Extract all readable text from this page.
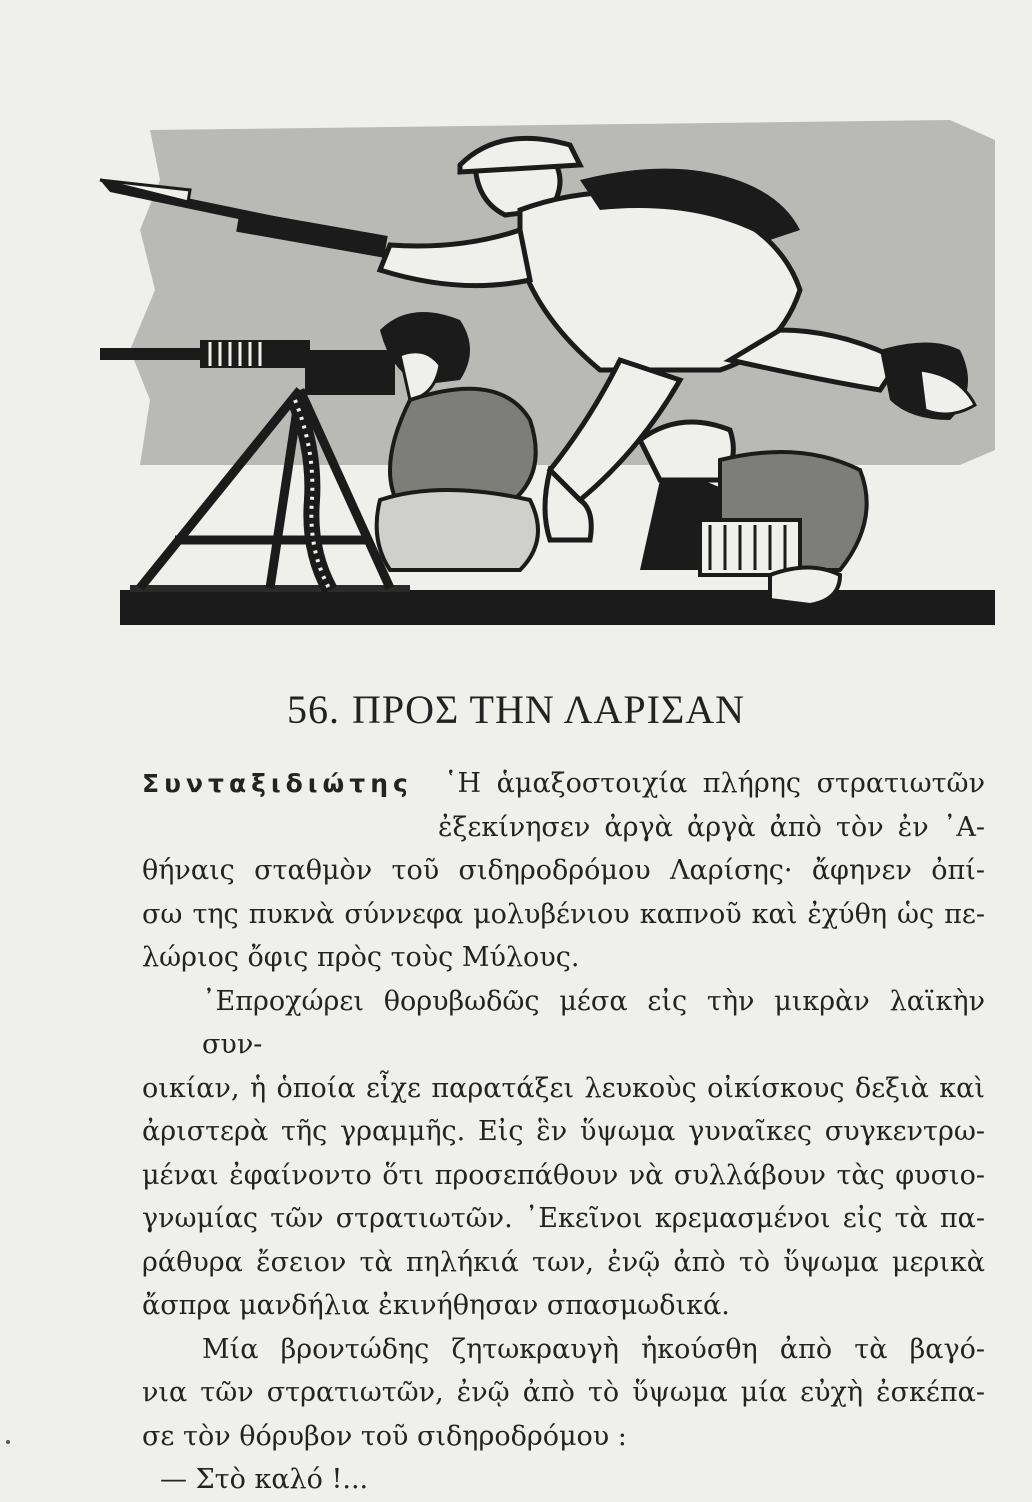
56. ΠΡΟΣ ΤΗΝ ΛΑΡΙΣΑΝ
Συνταξιδιώτης ῾Η ἁμαξοστοιχία πλήρης στρατιωτῶν
ἐξεκίνησεν ἀργὰ ἀργὰ ἀπὸ τὸν ἐν ᾿Α-
θήναις σταθμὸν τοῦ σιδηροδρόμου Λαρίσης· ἄφηνεν ὀπί-
σω της πυκνὰ σύννεφα μολυβένιου καπνοῦ καὶ ἐχύθη ὡς πε-
λώριος ὄφις πρὸς τοὺς Μύλους.
᾿Επροχώρει θορυβωδῶς μέσα εἰς τὴν μικρὰν λαϊκὴν συν-
οικίαν, ἡ ὁποία εἶχε παρατάξει λευκοὺς οἰκίσκους δεξιὰ καὶ
ἀριστερὰ τῆς γραμμῆς. Εἰς ἓν ὕψωμα γυναῖκες συγκεντρω-
μέναι ἐφαίνοντο ὅτι προσεπάθουν νὰ συλλάβουν τὰς φυσιο-
γνωμίας τῶν στρατιωτῶν. ᾿Εκεῖνοι κρεμασμένοι εἰς τὰ πα-
ράθυρα ἔσειον τὰ πηλήκιά των, ἐνῷ ἀπὸ τὸ ὕψωμα μερικὰ
ἄσπρα μανδήλια ἐκινήθησαν σπασμωδικά.
Μία βροντώδης ζητωκραυγὴ ἠκούσθη ἀπὸ τὰ βαγό-
νια τῶν στρατιωτῶν, ἐνῷ ἀπὸ τὸ ὕψωμα μία εὐχὴ ἐσκέπα-
σε τὸν θόρυβον τοῦ σιδηροδρόμου :
— Στὸ καλό !...
